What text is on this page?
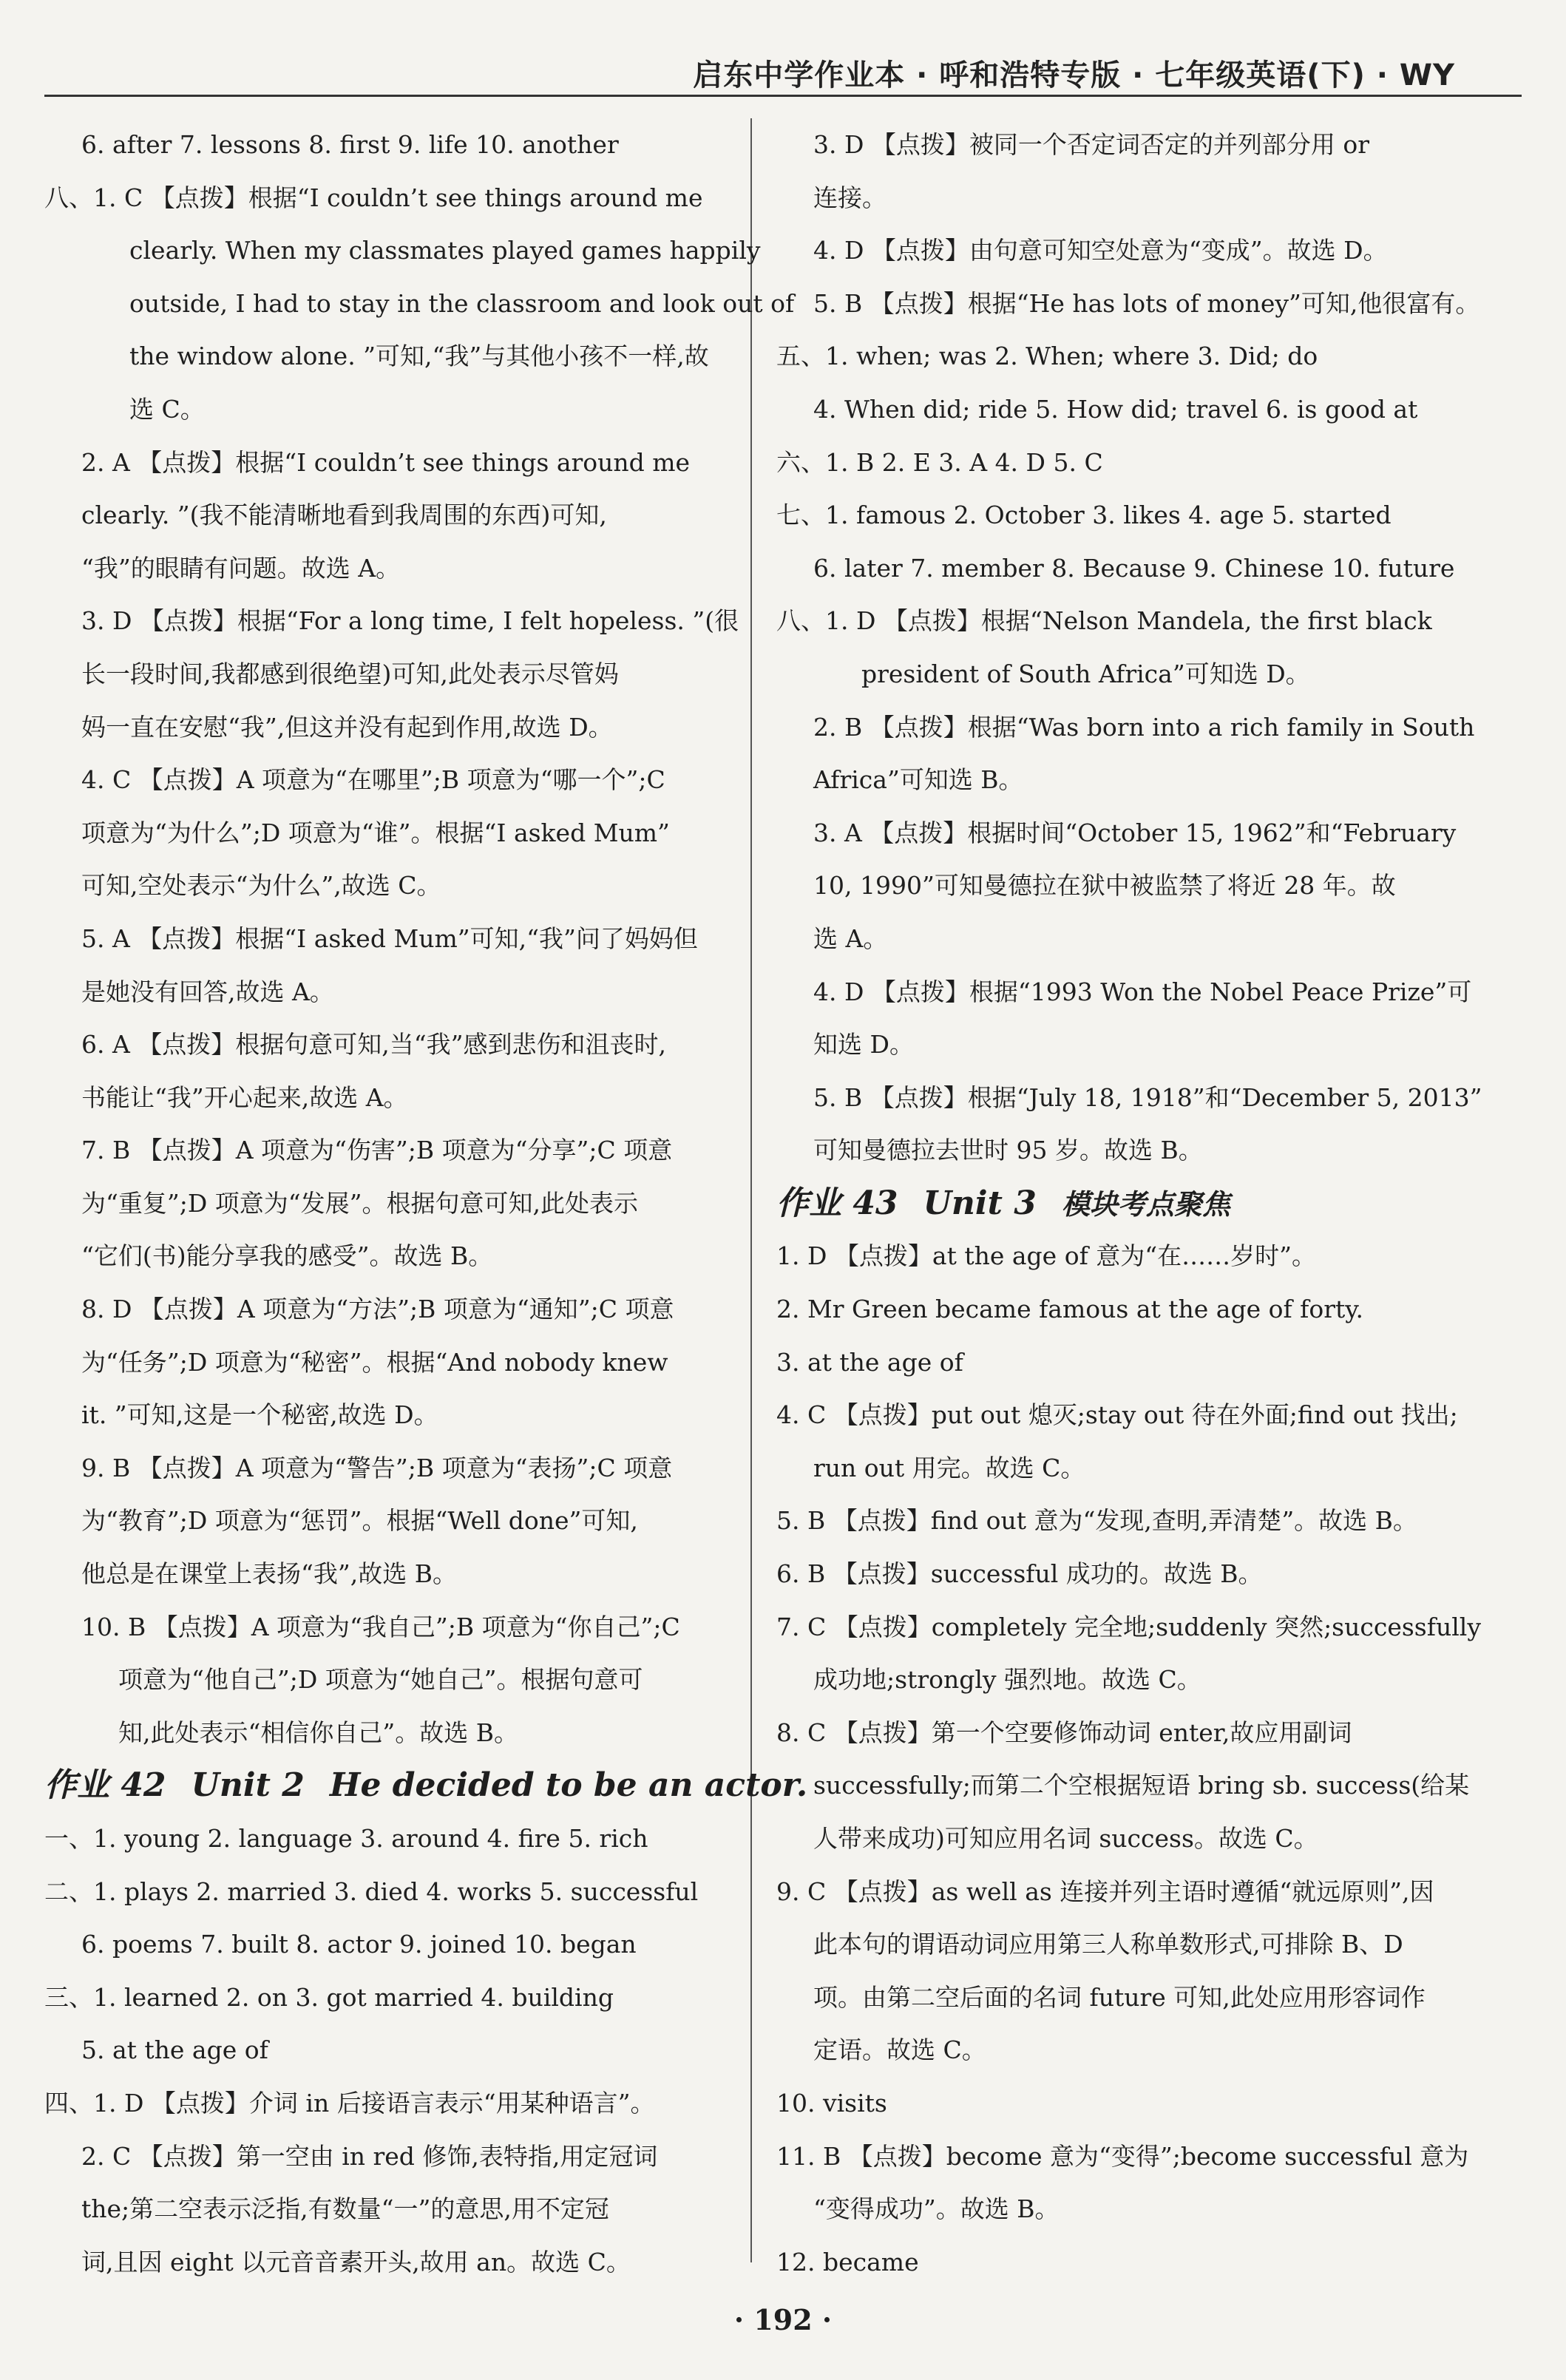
启东中学作业本 · 呼和浩特专版 · 七年级英语(下) · WY
6. after 7. lessons 8. first 9. life 10. another
八、1. C 【点拨】根据“I couldn’t see things around me
clearly. When my classmates played games happily
outside, I had to stay in the classroom and look out of
the window alone. ”可知,“我”与其他小孩不一样,故
选 C。
2. A 【点拨】根据“I couldn’t see things around me
clearly. ”(我不能清晰地看到我周围的东西)可知,
“我”的眼睛有问题。故选 A。
3. D 【点拨】根据“For a long time, I felt hopeless. ”(很
长一段时间,我都感到很绝望)可知,此处表示尽管妈
妈一直在安慰“我”,但这并没有起到作用,故选 D。
4. C 【点拨】A 项意为“在哪里”;B 项意为“哪一个”;C
项意为“为什么”;D 项意为“谁”。根据“I asked Mum”
可知,空处表示“为什么”,故选 C。
5. A 【点拨】根据“I asked Mum”可知,“我”问了妈妈但
是她没有回答,故选 A。
6. A 【点拨】根据句意可知,当“我”感到悲伤和沮丧时,
书能让“我”开心起来,故选 A。
7. B 【点拨】A 项意为“伤害”;B 项意为“分享”;C 项意
为“重复”;D 项意为“发展”。根据句意可知,此处表示
“它们(书)能分享我的感受”。故选 B。
8. D 【点拨】A 项意为“方法”;B 项意为“通知”;C 项意
为“任务”;D 项意为“秘密”。根据“And nobody knew
it. ”可知,这是一个秘密,故选 D。
9. B 【点拨】A 项意为“警告”;B 项意为“表扬”;C 项意
为“教育”;D 项意为“惩罚”。根据“Well done”可知,
他总是在课堂上表扬“我”,故选 B。
10. B 【点拨】A 项意为“我自己”;B 项意为“你自己”;C
项意为“他自己”;D 项意为“她自己”。根据句意可
知,此处表示“相信你自己”。故选 B。
作业 42 Unit 2 He decided to be an actor.
一、1. young 2. language 3. around 4. fire 5. rich
二、1. plays 2. married 3. died 4. works 5. successful
6. poems 7. built 8. actor 9. joined 10. began
三、1. learned 2. on 3. got married 4. building
5. at the age of
四、1. D 【点拨】介词 in 后接语言表示“用某种语言”。
2. C 【点拨】第一空由 in red 修饰,表特指,用定冠词
the;第二空表示泛指,有数量“一”的意思,用不定冠
词,且因 eight 以元音音素开头,故用 an。故选 C。
3. D 【点拨】被同一个否定词否定的并列部分用 or
连接。
4. D 【点拨】由句意可知空处意为“变成”。故选 D。
5. B 【点拨】根据“He has lots of money”可知,他很富有。
五、1. when; was 2. When; where 3. Did; do
4. When did; ride 5. How did; travel 6. is good at
六、1. B 2. E 3. A 4. D 5. C
七、1. famous 2. October 3. likes 4. age 5. started
6. later 7. member 8. Because 9. Chinese 10. future
八、1. D 【点拨】根据“Nelson Mandela, the first black
president of South Africa”可知选 D。
2. B 【点拨】根据“Was born into a rich family in South
Africa”可知选 B。
3. A 【点拨】根据时间“October 15, 1962”和“February
10, 1990”可知曼德拉在狱中被监禁了将近 28 年。故
选 A。
4. D 【点拨】根据“1993 Won the Nobel Peace Prize”可
知选 D。
5. B 【点拨】根据“July 18, 1918”和“December 5, 2013”
可知曼德拉去世时 95 岁。故选 B。
作业 43 Unit 3 模块考点聚焦
1. D 【点拨】at the age of 意为“在……岁时”。
2. Mr Green became famous at the age of forty.
3. at the age of
4. C 【点拨】put out 熄灭;stay out 待在外面;find out 找出;
run out 用完。故选 C。
5. B 【点拨】find out 意为“发现,查明,弄清楚”。故选 B。
6. B 【点拨】successful 成功的。故选 B。
7. C 【点拨】completely 完全地;suddenly 突然;successfully
成功地;strongly 强烈地。故选 C。
8. C 【点拨】第一个空要修饰动词 enter,故应用副词
successfully;而第二个空根据短语 bring sb. success(给某
人带来成功)可知应用名词 success。故选 C。
9. C 【点拨】as well as 连接并列主语时遵循“就远原则”,因
此本句的谓语动词应用第三人称单数形式,可排除 B、D
项。由第二空后面的名词 future 可知,此处应用形容词作
定语。故选 C。
10. visits
11. B 【点拨】become 意为“变得”;become successful 意为
“变得成功”。故选 B。
12. became
· 192 ·
